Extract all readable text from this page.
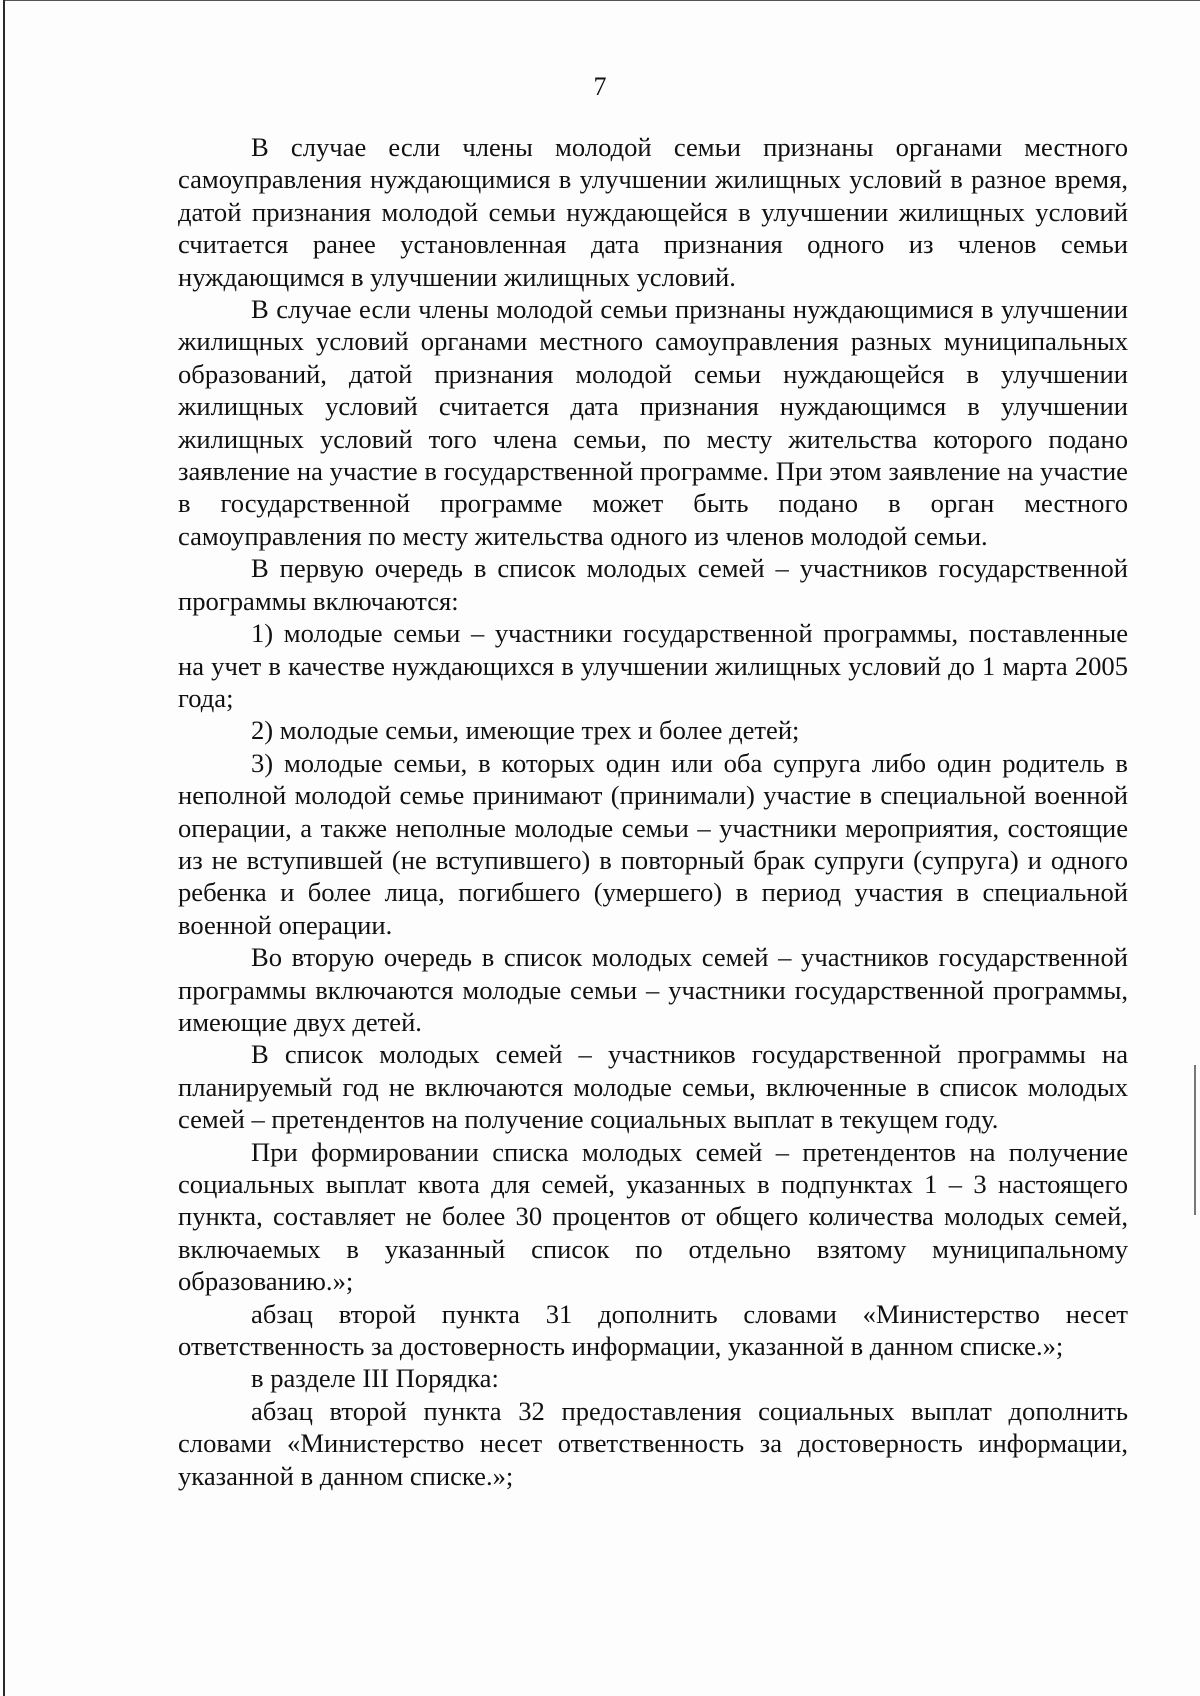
7

В случае если члены молодой семьи признаны органами местного самоуправления нуждающимися в улучшении жилищных условий в разное время, датой признания молодой семьи нуждающейся в улучшении жилищных условий считается ранее установленная дата признания одного из членов семьи нуждающимся в улучшении жилищных условий.

В случае если члены молодой семьи признаны нуждающимися в улучшении жилищных условий органами местного самоуправления разных муниципальных образований, датой признания молодой семьи нуждающейся в улучшении жилищных условий считается дата признания нуждающимся в улучшении жилищных условий того члена семьи, по месту жительства которого подано заявление на участие в государственной программе. При этом заявление на участие в государственной программе может быть подано в орган местного самоуправления по месту жительства одного из членов молодой семьи.

В первую очередь в список молодых семей – участников государственной программы включаются:

1) молодые семьи – участники государственной программы, поставленные на учет в качестве нуждающихся в улучшении жилищных условий до 1 марта 2005 года;

2) молодые семьи, имеющие трех и более детей;

3) молодые семьи, в которых один или оба супруга либо один родитель в неполной молодой семье принимают (принимали) участие в специальной военной операции, а также неполные молодые семьи – участники мероприятия, состоящие из не вступившей (не вступившего) в повторный брак супруги (супруга) и одного ребенка и более лица, погибшего (умершего) в период участия в специальной военной операции.

Во вторую очередь в список молодых семей – участников государственной программы включаются молодые семьи – участники государственной программы, имеющие двух детей.

В список молодых семей – участников государственной программы на планируемый год не включаются молодые семьи, включенные в список молодых семей – претендентов на получение социальных выплат в текущем году.

При формировании списка молодых семей – претендентов на получение социальных выплат квота для семей, указанных в подпунктах 1 – 3 настоящего пункта, составляет не более 30 процентов от общего количества молодых семей, включаемых в указанный список по отдельно взятому муниципальному образованию.»;

абзац второй пункта 31 дополнить словами «Министерство несет ответственность за достоверность информации, указанной в данном списке.»;

в разделе III Порядка:

абзац второй пункта 32 предоставления социальных выплат дополнить словами «Министерство несет ответственность за достоверность информации, указанной в данном списке.»;
